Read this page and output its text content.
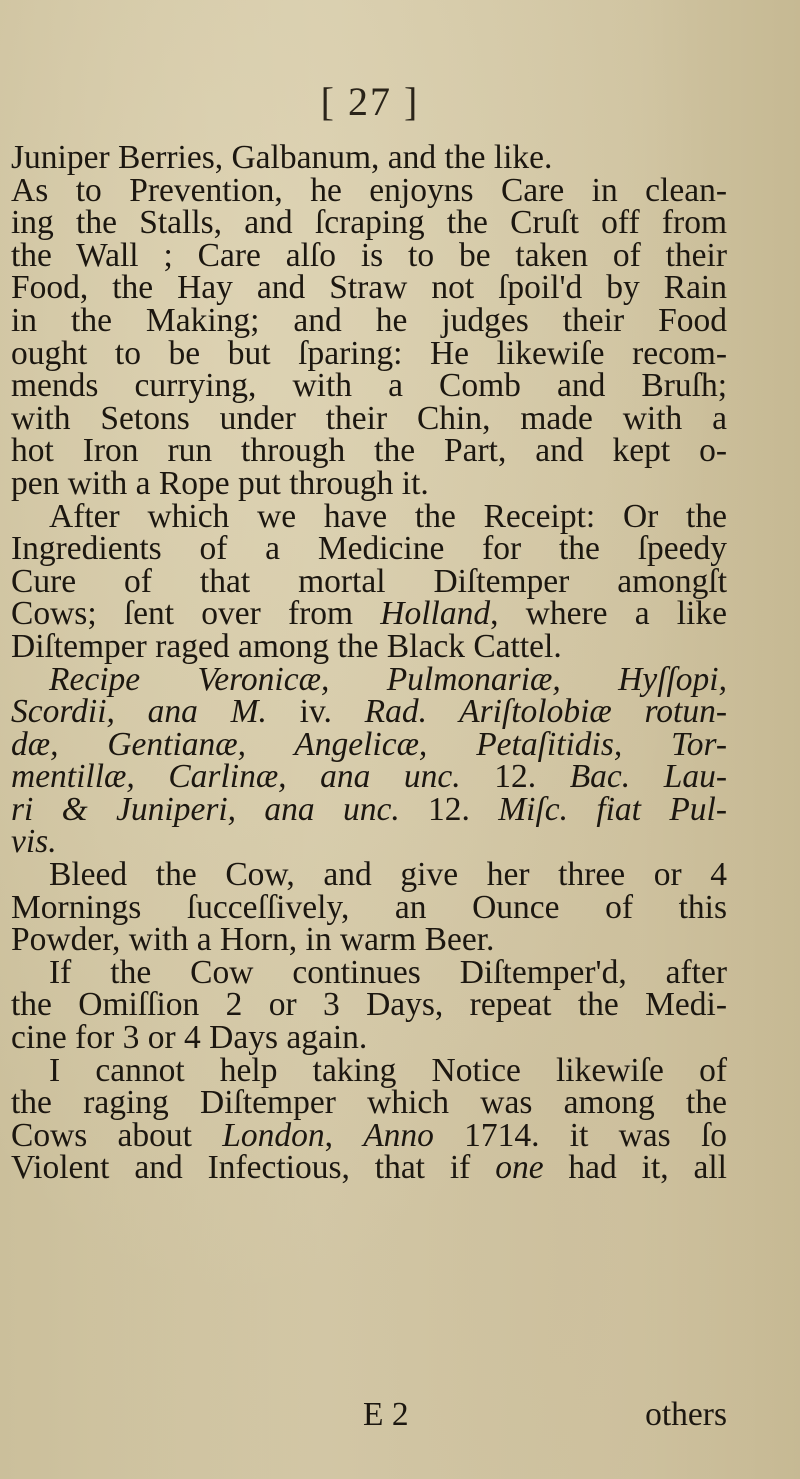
[ 27 ]
Juniper Berries, Galbanum, and the like.
As to Prevention, he enjoyns Care in clean-
ing the Stalls, and ſcraping the Cruſt off from
the Wall ; Care alſo is to be taken of their
Food, the Hay and Straw not ſpoil'd by Rain
in the Making; and he judges their Food
ought to be but ſparing: He likewiſe recom-
mends currying, with a Comb and Bruſh;
with Setons under their Chin, made with a
hot Iron run through the Part, and kept o-
pen with a Rope put through it.
After which we have the Receipt: Or the
Ingredients of a Medicine for the ſpeedy
Cure of that mortal Diſtemper amongſt
Cows; ſent over from Holland, where a like
Diſtemper raged among the Black Cattel.
Recipe Veronicæ, Pulmonariæ, Hyſſopi,
Scordii, ana M. iv. Rad. Ariſtolobiæ rotun-
dæ, Gentianæ, Angelicæ, Petaſitidis, Tor-
mentillæ, Carlinæ, ana unc. 12. Bac. Lau-
ri & Juniperi, ana unc. 12. Miſc. fiat Pul-
vis.
Bleed the Cow, and give her three or 4
Mornings ſucceſſively, an Ounce of this
Powder, with a Horn, in warm Beer.
If the Cow continues Diſtemper'd, after
the Omiſſion 2 or 3 Days, repeat the Medi-
cine for 3 or 4 Days again.
I cannot help taking Notice likewiſe of
the raging Diſtemper which was among the
Cows about London, Anno 1714. it was ſo
Violent and Infectious, that if one had it, all
E 2	others
